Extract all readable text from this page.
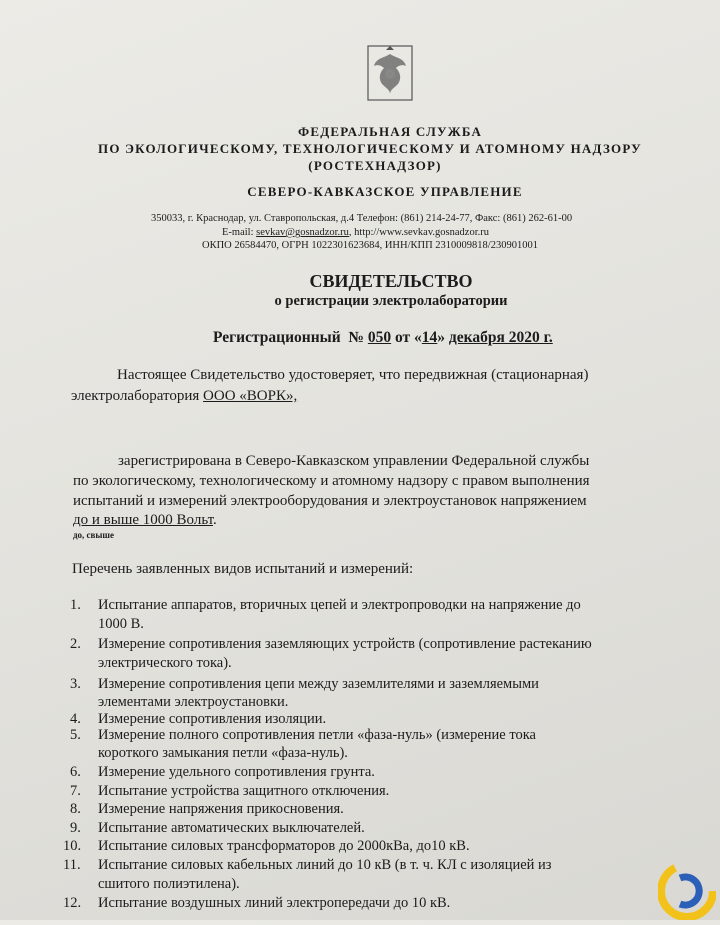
ФЕДЕРАЛЬНАЯ СЛУЖБА
ПО ЭКОЛОГИЧЕСКОМУ, ТЕХНОЛОГИЧЕСКОМУ И АТОМНОМУ НАДЗОРУ
(РОСТЕХНАДЗОР)
СЕВЕРО-КАВКАЗСКОЕ УПРАВЛЕНИЕ
350033, г. Краснодар, ул. Ставропольская, д.4 Телефон: (861) 214-24-77, Факс: (861) 262-61-00
E-mail: sevkav@gosnadzor.ru, http://www.sevkav.gosnadzor.ru
ОКПО 26584470, ОГРН 1022301623684, ИНН/КПП 2310009818/230901001
СВИДЕТЕЛЬСТВО
о регистрации электролаборатории
Регистрационный № 050 от «14» декабря 2020 г.
Настоящее Свидетельство удостоверяет, что передвижная (стационарная)
электролаборатория ООО «ВОРК»,
зарегистрирована в Северо-Кавказском управлении Федеральной службы
по экологическому, технологическому и атомному надзору с правом выполнения
испытаний и измерений электрооборудования и электроустановок напряжением
до и выше 1000 Вольт.
до, свыше
Перечень заявленных видов испытаний и измерений:
1. Испытание аппаратов, вторичных цепей и электропроводки на напряжение до
1000 В.
2. Измерение сопротивления заземляющих устройств (сопротивление растеканию
электрического тока).
3. Измерение сопротивления цепи между заземлителями и заземляемыми
элементами электроустановки.
4. Измерение сопротивления изоляции.
5. Измерение полного сопротивления петли «фаза-нуль» (измерение тока
короткого замыкания петли «фаза-нуль).
6. Измерение удельного сопротивления грунта.
7. Испытание устройства защитного отключения.
8. Измерение напряжения прикосновения.
9. Испытание автоматических выключателей.
10. Испытание силовых трансформаторов до 2000кВа, до10 кВ.
11. Испытание силовых кабельных линий до 10 кВ (в т. ч. КЛ с изоляцией из
сшитого полиэтилена).
12. Испытание воздушных линий электропередачи до 10 кВ.
